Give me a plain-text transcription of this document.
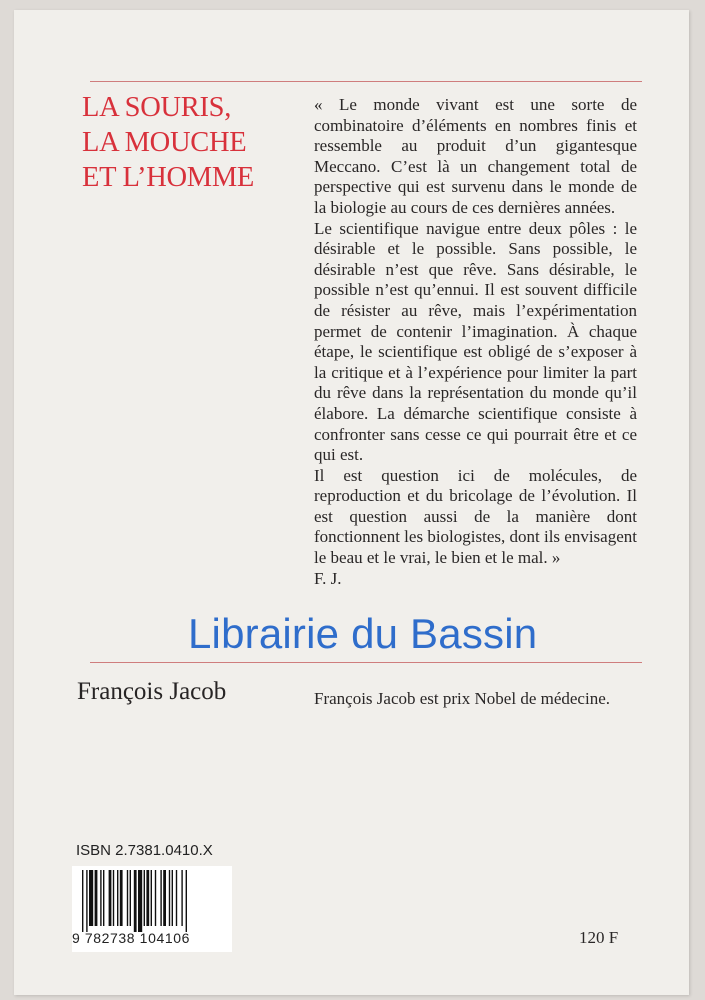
LA SOURIS,
LA MOUCHE
ET L’HOMME

« Le monde vivant est une sorte de combinatoire d’éléments en nombres finis et ressemble au produit d’un gigantesque Meccano. C’est là un changement total de perspective qui est survenu dans le monde de la biologie au cours de ces dernières années.

Le scientifique navigue entre deux pôles : le désirable et le possible. Sans possible, le désirable n’est que rêve. Sans désirable, le possible n’est qu’ennui. Il est souvent difficile de résister au rêve, mais l’expérimentation permet de contenir l’imagination. À chaque étape, le scientifique est obligé de s’exposer à la critique et à l’expérience pour limiter la part du rêve dans la représentation du monde qu’il élabore. La démarche scientifique consiste à confronter sans cesse ce qui pourrait être et ce qui est.

Il est question ici de molécules, de reproduction et du bricolage de l’évolution. Il est question aussi de la manière dont fonctionnent les biologistes, dont ils envisagent le beau et le vrai, le bien et le mal. »

F. J.

François Jacob	François Jacob est prix Nobel de médecine.

ISBN 2.7381.0410.X
9 782738 104106	120 F
Librairie du Bassin
